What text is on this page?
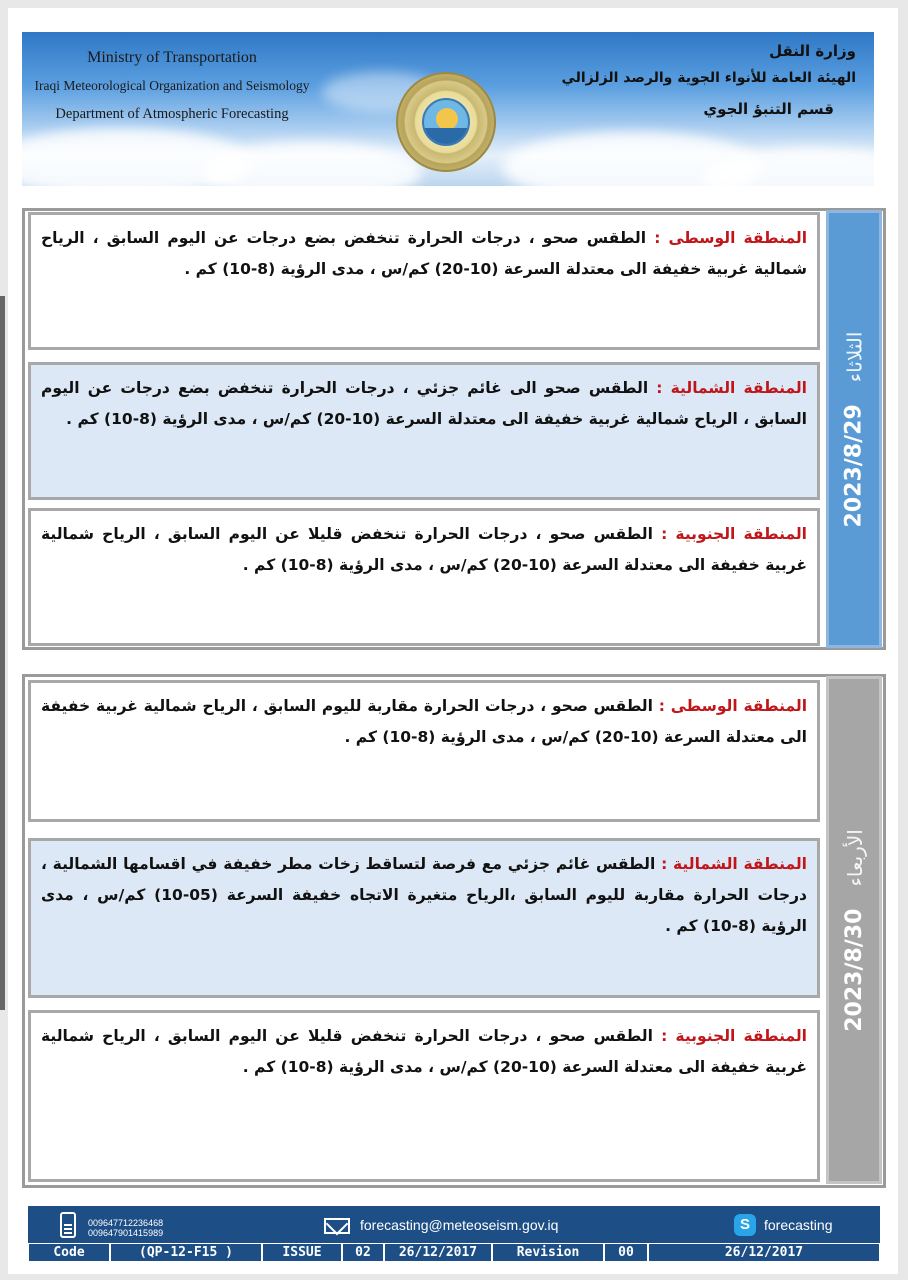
Ministry of Transportation
Iraqi Meteorological Organization and Seismology
Department of Atmospheric Forecasting
وزارة النقل
الهيئة العامة للأنواء الجوية والرصد الزلزالي
قسم التنبؤ الجوي
المنطقة الوسطى : الطقس صحو ، درجات الحرارة تنخفض بضع درجات عن اليوم السابق ، الرياح شمالية غربية خفيفة الى معتدلة السرعة (10-20) كم/س ، مدى الرؤية (8-10) كم .
المنطقة الشمالية : الطقس صحو الى غائم جزئي ، درجات الحرارة تنخفض بضع درجات عن اليوم السابق ، الرياح شمالية غربية خفيفة الى معتدلة السرعة (10-20) كم/س ، مدى الرؤية (8-10) كم .
المنطقة الجنوبية : الطقس صحو ، درجات الحرارة تنخفض قليلا عن اليوم السابق ، الرياح شمالية غربية خفيفة الى معتدلة السرعة (10-20) كم/س ، مدى الرؤية (8-10) كم .
2023/8/29
الثلاثاء
المنطقة الوسطى : الطقس صحو ، درجات الحرارة مقاربة لليوم السابق ، الرياح شمالية غربية خفيفة الى معتدلة السرعة (10-20) كم/س ، مدى الرؤية (8-10) كم .
المنطقة الشمالية : الطقس غائم جزئي مع فرصة لتساقط زخات مطر خفيفة في اقسامها الشمالية ، درجات الحرارة مقاربة لليوم السابق ،الرياح متغيرة الاتجاه خفيفة السرعة (05-10) كم/س ، مدى الرؤية (8-10) كم .
المنطقة الجنوبية : الطقس صحو ، درجات الحرارة تنخفض قليلا عن اليوم السابق ، الرياح شمالية غربية خفيفة الى معتدلة السرعة (10-20) كم/س ، مدى الرؤية (8-10) كم .
2023/8/30
الأربعاء
009647712236468
009647901415989	forecasting@meteoseism.gov.iq	S	forecasting
Code	(QP-12-F15 )	ISSUE	02	26/12/2017	Revision	00	26/12/2017
